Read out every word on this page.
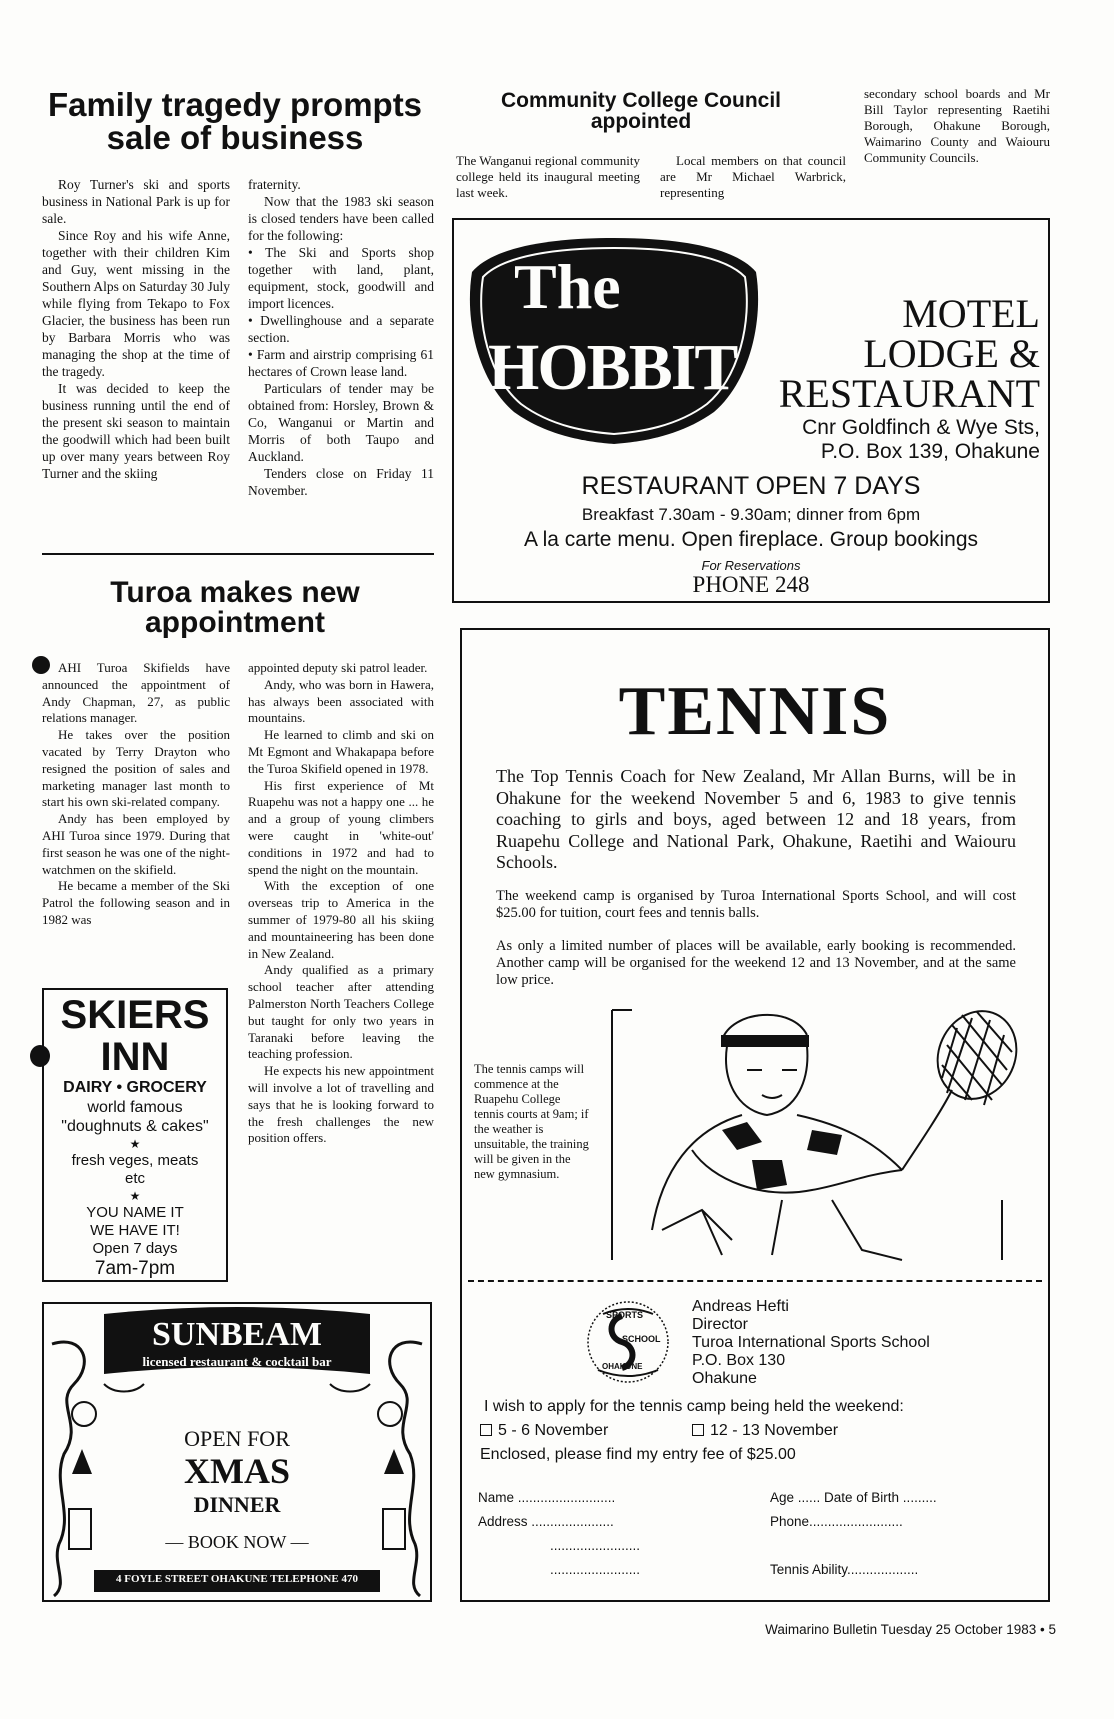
Family tragedy prompts
sale of business

Roy Turner's ski and sports business in National Park is up for sale.

Since Roy and his wife Anne, together with their children Kim and Guy, went missing in the Southern Alps on Saturday 30 July while flying from Tekapo to Fox Glacier, the business has been run by Barbara Morris who was managing the shop at the time of the tragedy.

It was decided to keep the business running until the end of the present ski season to maintain the goodwill which had been built up over many years between Roy Turner and the skiing

fraternity.

Now that the 1983 ski season is closed tenders have been called for the following:

• The Ski and Sports shop together with land, plant, equipment, stock, goodwill and import licences.

• Dwellinghouse and a separate section.

• Farm and airstrip comprising 61 hectares of Crown lease land.

Particulars of tender may be obtained from: Horsley, Brown & Co, Wanganui or Martin and Morris of both Taupo and Auckland.

Tenders close on Friday 11 November.

Community College Council
appointed

The Wanganui regional community college held its inaugural meeting last week.

Local members on that council are Mr Michael Warbrick, representing

secondary school boards and Mr Bill Taylor representing Raetihi Borough, Ohakune Borough, Waimarino County and Waiouru Community Councils.

The
HOBBIT
MOTEL
LODGE &
RESTAURANT
Cnr Goldfinch & Wye Sts,
P.O. Box 139, Ohakune
RESTAURANT OPEN 7 DAYS
Breakfast 7.30am - 9.30am; dinner from 6pm
A la carte menu. Open fireplace. Group bookings
For Reservations
PHONE 248
Turoa makes new
appointment

AHI Turoa Skifields have announced the appointment of Andy Chapman, 27, as public relations manager.

He takes over the position vacated by Terry Drayton who resigned the position of sales and marketing manager last month to start his own ski-related company.

Andy has been employed by AHI Turoa since 1979. During that first season he was one of the night-watchmen on the skifield.

He became a member of the Ski Patrol the following season and in 1982 was

appointed deputy ski patrol leader.

Andy, who was born in Hawera, has always been associated with mountains.

He learned to climb and ski on Mt Egmont and Whakapapa before the Turoa Skifield opened in 1978.

His first experience of Mt Ruapehu was not a happy one ... he and a group of young climbers were caught in 'white-out' conditions in 1972 and had to spend the night on the mountain.

With the exception of one overseas trip to America in the summer of 1979-80 all his skiing and mountaineering has been done in New Zealand.

Andy qualified as a primary school teacher after attending Palmerston North Teachers College but taught for only two years in Taranaki before leaving the teaching profession.

He expects his new appointment will involve a lot of travelling and says that he is looking forward to the fresh challenges the new position offers.

SKIERS
INN
DAIRY • GROCERY
world famous
"doughnuts & cakes"
★
fresh veges, meats
etc
★
YOU NAME IT
WE HAVE IT!
Open 7 days
7am-7pm
SUNBEAM
licensed restaurant & cocktail bar
OPEN FOR
XMAS
DINNER
— BOOK NOW —
4 FOYLE STREET OHAKUNE TELEPHONE 470
TENNIS
The Top Tennis Coach for New Zealand, Mr Allan Burns, will be in Ohakune for the weekend November 5 and 6, 1983 to give tennis coaching to girls and boys, aged between 12 and 18 years, from Ruapehu College and National Park, Ohakune, Raetihi and Waiouru Schools.
The weekend camp is organised by Turoa International Sports School, and will cost $25.00 for tuition, court fees and tennis balls.
As only a limited number of places will be available, early booking is recommended. Another camp will be organised for the weekend 12 and 13 November, and at the same low price.
The tennis camps will commence at the Ruapehu College tennis courts at 9am; if the weather is unsuitable, the training will be given in the new gymnasium.
SPORTS
SCHOOL
OHAKUNE
Andreas Hefti
Director
Turoa International Sports School
P.O. Box 130
Ohakune
I wish to apply for the tennis camp being held the weekend:
5 - 6 November	12 - 13 November
Enclosed, please find my entry fee of $25.00
Name ..........................
Address ......................
........................
........................
Age ...... Date of Birth .........
Phone.........................
Tennis Ability...................
Waimarino Bulletin Tuesday 25 October 1983 • 5
